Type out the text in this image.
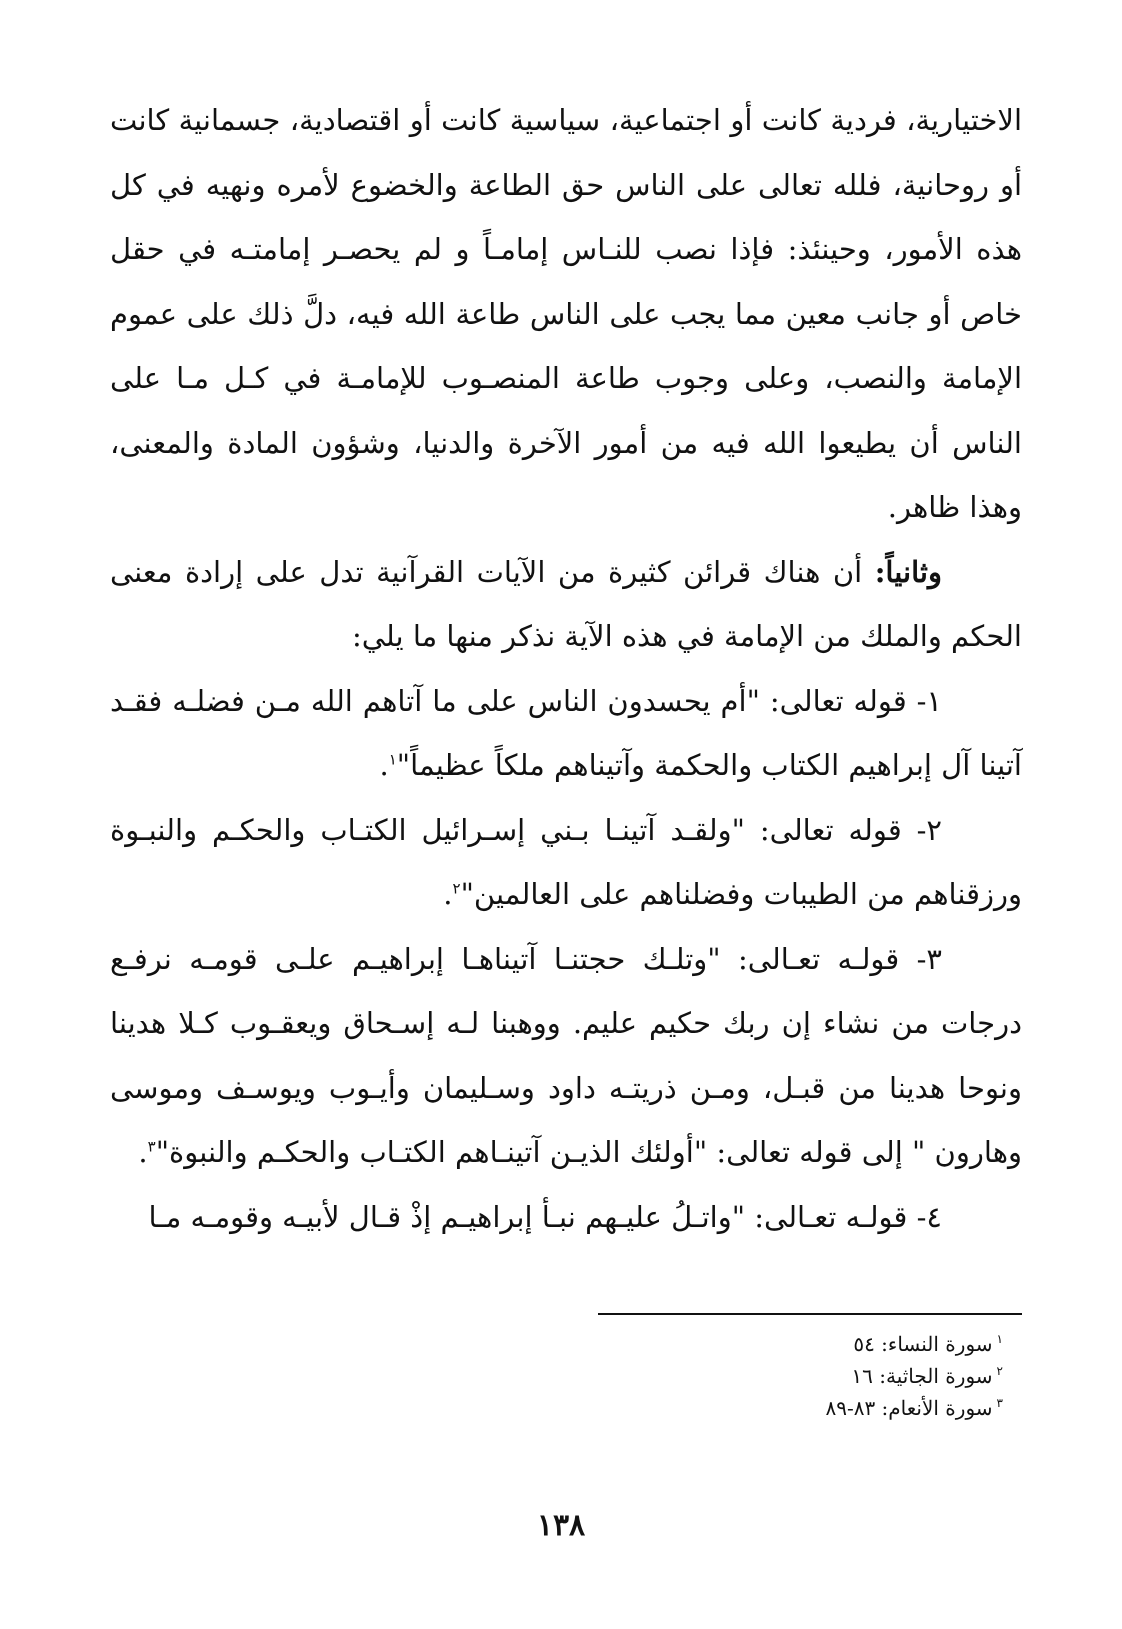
الاختيارية، فردية كانت أو اجتماعية، سياسية كانت أو اقتصادية، جسمانية كانت أو روحانية، فلله تعالى على الناس حق الطاعة والخضوع لأمره ونهيه في كل هذه الأمور، وحينئذ: فإذا نصب للنـاس إمامـاً و لم يحصـر إمامتـه في حقل خاص أو جانب معين مما يجب على الناس طاعة الله فيه، دلَّ ذلك على عموم الإمامة والنصب، وعلى وجوب طاعة المنصـوب للإمامـة في كـل مـا على الناس أن يطيعوا الله فيه من أمور الآخرة والدنيا، وشؤون المادة والمعنى، وهذا ظاهر.

وثانياً: أن هناك قرائن كثيرة من الآيات القرآنية تدل على إرادة معنى الحكم والملك من الإمامة في هذه الآية نذكر منها ما يلي:

١- قوله تعالى: "أم يحسدون الناس على ما آتاهم الله مـن فضلـه فقـد آتينا آل إبراهيم الكتاب والحكمة وآتيناهم ملكاً عظيماً"$^١$.

٢- قوله تعالى: "ولقـد آتينـا بـني إسـرائيل الكتـاب والحكـم والنبـوة ورزقناهم من الطيبات وفضلناهم على العالمين"$^٢$.

٣- قولـه تعـالى: "وتلـك حجتنـا آتيناهـا إبراهيـم علـى قومـه نرفـع درجات من نشاء إن ربك حكيم عليم. ووهبنا لـه إسـحاق ويعقـوب كـلا هدينا ونوحا هدينا من قبـل، ومـن ذريتـه داود وسـليمان وأيـوب ويوسـف وموسى وهارون " إلى قوله تعالى: "أولئك الذيـن آتينـاهم الكتـاب والحكـم والنبوة"$^٣$.

٤- قولـه تعـالى: "واتـلُ عليـهم نبـأ إبراهيـم إذْ قـال لأبيـه وقومـه مـا

$^١$سورة النساء: ٥٤

$^٢$سورة الجاثية: ١٦

$^٣$سورة الأنعام: ٨٣-٨٩

١٣٨
